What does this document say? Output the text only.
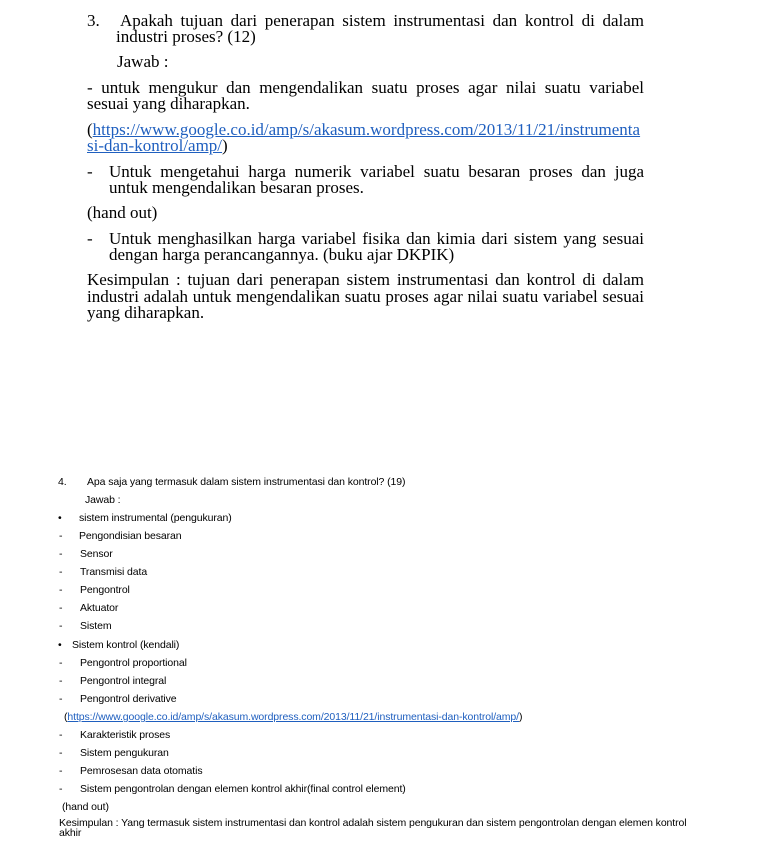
3. Apakah tujuan dari penerapan sistem instrumentasi dan kontrol di dalam industri proses? (12)
Jawab :
- untuk mengukur dan mengendalikan suatu proses agar nilai suatu variabel sesuai yang diharapkan.
(https://www.google.co.id/amp/s/akasum.wordpress.com/2013/11/21/instrumentasi-dan-kontrol/amp/)
- Untuk mengetahui harga numerik variabel suatu besaran proses dan juga untuk mengendalikan besaran proses.
(hand out)
- Untuk menghasilkan harga variabel fisika dan kimia dari sistem yang sesuai dengan harga perancangannya. (buku ajar DKPIK)
Kesimpulan : tujuan dari penerapan sistem instrumentasi dan kontrol di dalam industri adalah untuk mengendalikan suatu proses agar nilai suatu variabel sesuai yang diharapkan.
4. Apa saja yang termasuk dalam sistem instrumentasi dan kontrol? (19)
Jawab :
• sistem instrumental (pengukuran)
- Pengondisian besaran
- Sensor
- Transmisi data
- Pengontrol
- Aktuator
- Sistem
• Sistem kontrol (kendali)
- Pengontrol proportional
- Pengontrol integral
- Pengontrol derivative
(https://www.google.co.id/amp/s/akasum.wordpress.com/2013/11/21/instrumentasi-dan-kontrol/amp/)
- Karakteristik proses
- Sistem pengukuran
- Pemrosesan data otomatis
- Sistem pengontrolan dengan elemen kontrol akhir(final control element)
(hand out)
Kesimpulan : Yang termasuk sistem instrumentasi dan kontrol adalah sistem pengukuran dan sistem pengontrolan dengan elemen kontrol akhir
